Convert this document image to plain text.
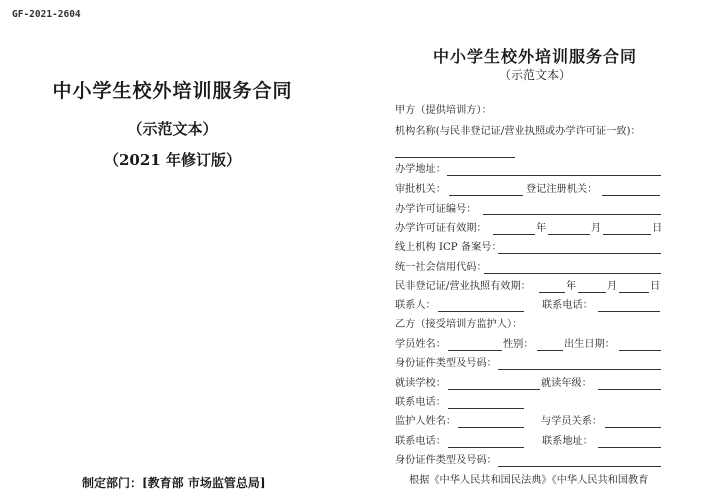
GF-2021-2604
中小学生校外培训服务合同
（示范文本）
（2021 年修订版）
制定部门：[教育部 市场监管总局]
中小学生校外培训服务合同
（示范文本）
甲方（提供培训方）：
机构名称(与民非登记证/营业执照或办学许可证一致)：
办学地址：
审批机关：	登记注册机关：
办学许可证编号：
办学许可证有效期：	年	月	日
线上机构 ICP 备案号：
统一社会信用代码：
民非登记证/营业执照有效期：	年	月	日
联系人：	联系电话：
乙方（接受培训方监护人）：
学员姓名：	性别：	出生日期：
身份证件类型及号码：
就读学校：	就读年级：
联系电话：
监护人姓名：	与学员关系：
联系电话：	联系地址：
身份证件类型及号码：
根据《中华人民共和国民法典》《中华人民共和国教育
